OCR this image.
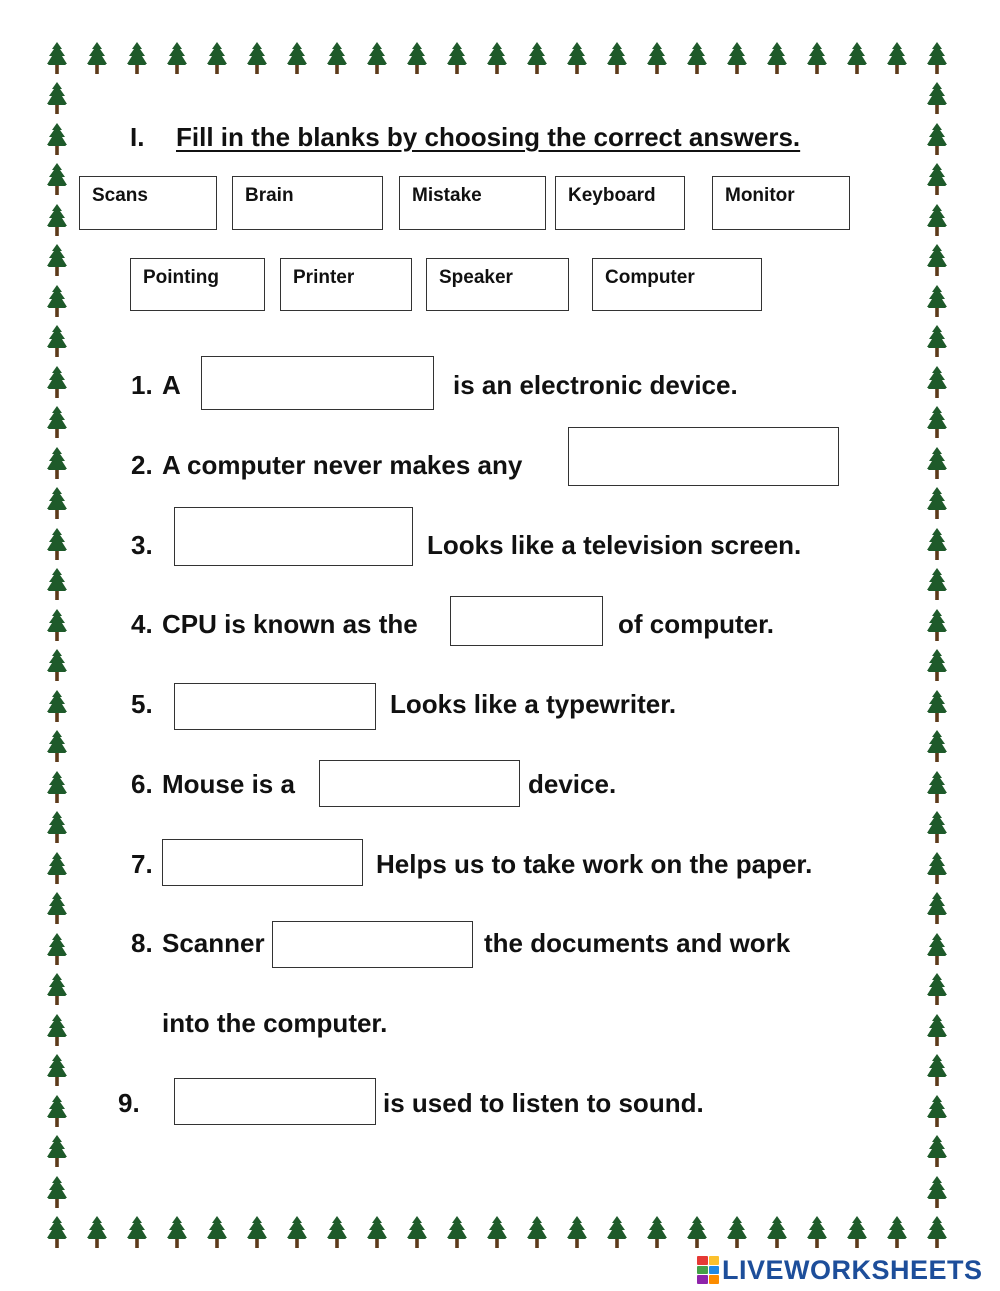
I. Fill in the blanks by choosing the correct answers.
Scans	Brain	Mistake	Keyboard	Monitor
Pointing	Printer	Speaker	Computer
1. A	is an electronic device.
2. A computer never makes any
3.	Looks like a television screen.
4. CPU is known as the	of computer.
5.	Looks like a typewriter.
6. Mouse is a	device.
7.	Helps us to take work on the paper.
8. Scanner	the documents and work
into the computer.
9.	is used to listen to sound.
LIVEWORKSHEETS
